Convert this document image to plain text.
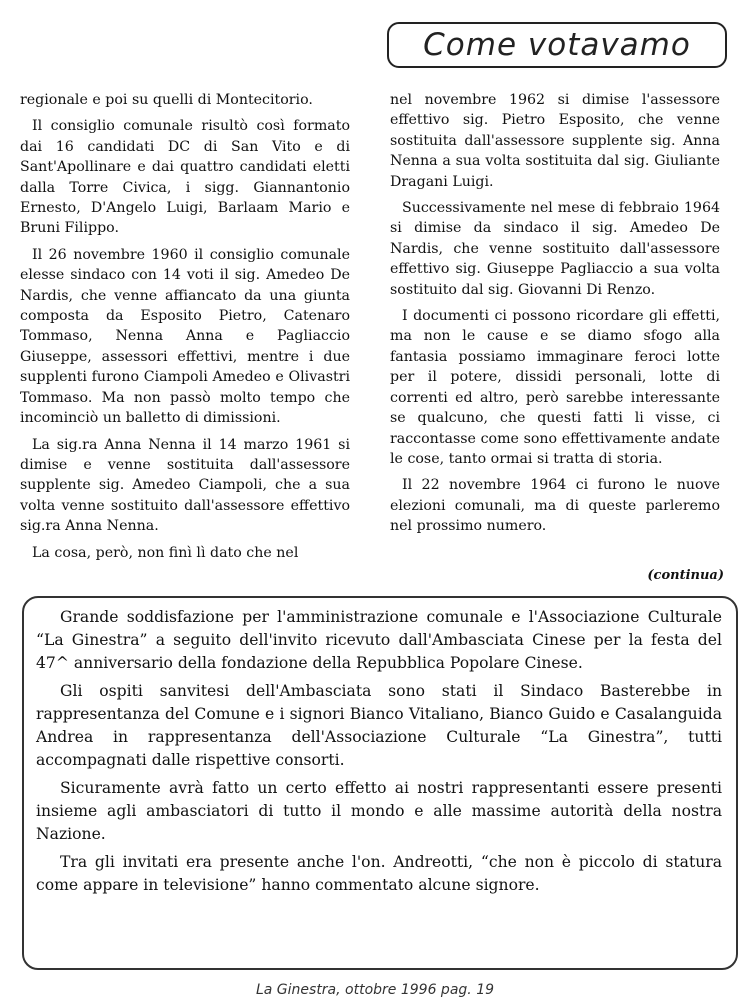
Come votavamo

regionale e poi su quelli di Montecitorio.

Il consiglio comunale risultò così formato dai 16 candidati DC di San Vito e di Sant'Apollinare e dai quattro candidati eletti dalla Torre Civica, i sigg. Giannantonio Ernesto, D'Angelo Luigi, Barlaam Mario e Bruni Filippo.

Il 26 novembre 1960 il consiglio comunale elesse sindaco con 14 voti il sig. Amedeo De Nardis, che venne affiancato da una giunta composta da Esposito Pietro, Catenaro Tommaso, Nenna Anna e Pagliaccio Giuseppe, assessori effettivi, mentre i due supplenti furono Ciampoli Amedeo e Olivastri Tommaso. Ma non passò molto tempo che incominciò un balletto di dimissioni.

La sig.ra Anna Nenna il 14 marzo 1961 si dimise e venne sostituita dall'assessore supplente sig. Amedeo Ciampoli, che a sua volta venne sostituito dall'assessore effettivo sig.ra Anna Nenna.

La cosa, però, non finì lì dato che nel

nel novembre 1962 si dimise l'assessore effettivo sig. Pietro Esposito, che venne sostituita dall'assessore supplente sig. Anna Nenna a sua volta sostituita dal sig. Giuliante Dragani Luigi.

Successivamente nel mese di febbraio 1964 si dimise da sindaco il sig. Amedeo De Nardis, che venne sostituito dall'assessore effettivo sig. Giuseppe Pagliaccio a sua volta sostituito dal sig. Giovanni Di Renzo.

I documenti ci possono ricordare gli effetti, ma non le cause e se diamo sfogo alla fantasia possiamo immaginare feroci lotte per il potere, dissidi personali, lotte di correnti ed altro, però sarebbe interessante se qualcuno, che questi fatti li visse, ci raccontasse come sono effettivamente andate le cose, tanto ormai si tratta di storia.

Il 22 novembre 1964 ci furono le nuove elezioni comunali, ma di queste parleremo nel prossimo numero.

(continua)

Grande soddisfazione per l'amministrazione comunale e l'Associazione Culturale “La Ginestra” a seguito dell'invito ricevuto dall'Ambasciata Cinese per la festa del 47^ anniversario della fondazione della Repubblica Popolare Cinese.

Gli ospiti sanvitesi dell'Ambasciata sono stati il Sindaco Basterebbe in rappresentanza del Comune e i signori Bianco Vitaliano, Bianco Guido e Casalanguida Andrea in rappresentanza dell'Associazione Culturale “La Ginestra”, tutti accompagnati dalle rispettive consorti.

Sicuramente avrà fatto un certo effetto ai nostri rappresentanti essere presenti insieme agli ambasciatori di tutto il mondo e alle massime autorità della nostra Nazione.

Tra gli invitati era presente anche l'on. Andreotti, “che non è piccolo di statura come appare in televisione” hanno commentato alcune signore.

La Ginestra, ottobre 1996 pag. 19
